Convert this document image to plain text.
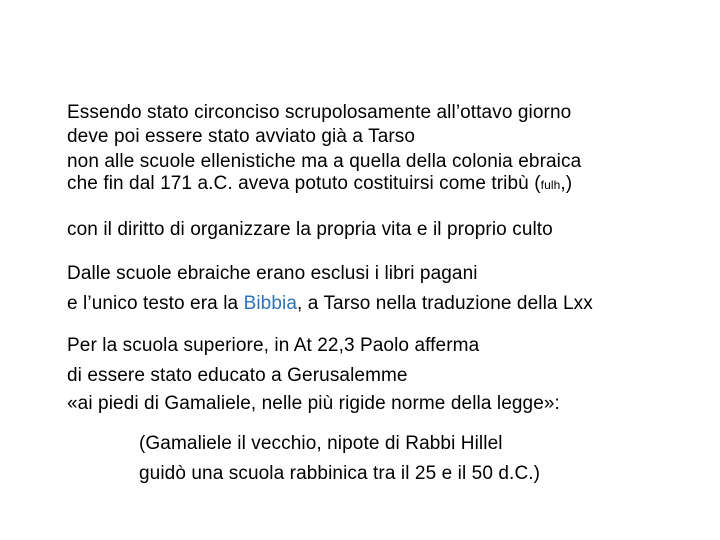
Essendo stato circonciso scrupolosamente all’ottavo giorno
deve poi essere stato avviato già a Tarso
non alle scuole ellenistiche ma a quella della colonia ebraica
che fin dal 171 a.C. aveva potuto costituirsi come tribù (fulh,)
con il diritto di organizzare la propria vita e il proprio culto
Dalle scuole ebraiche erano esclusi i libri pagani
e l’unico testo era la Bibbia, a Tarso nella traduzione della Lxx
Per la scuola superiore, in At 22,3 Paolo afferma
di essere stato educato a Gerusalemme
«ai piedi di Gamaliele, nelle più rigide norme della legge»:
(Gamaliele il vecchio, nipote di Rabbi Hillel
guidò una scuola rabbinica tra il 25 e il 50 d.C.)
